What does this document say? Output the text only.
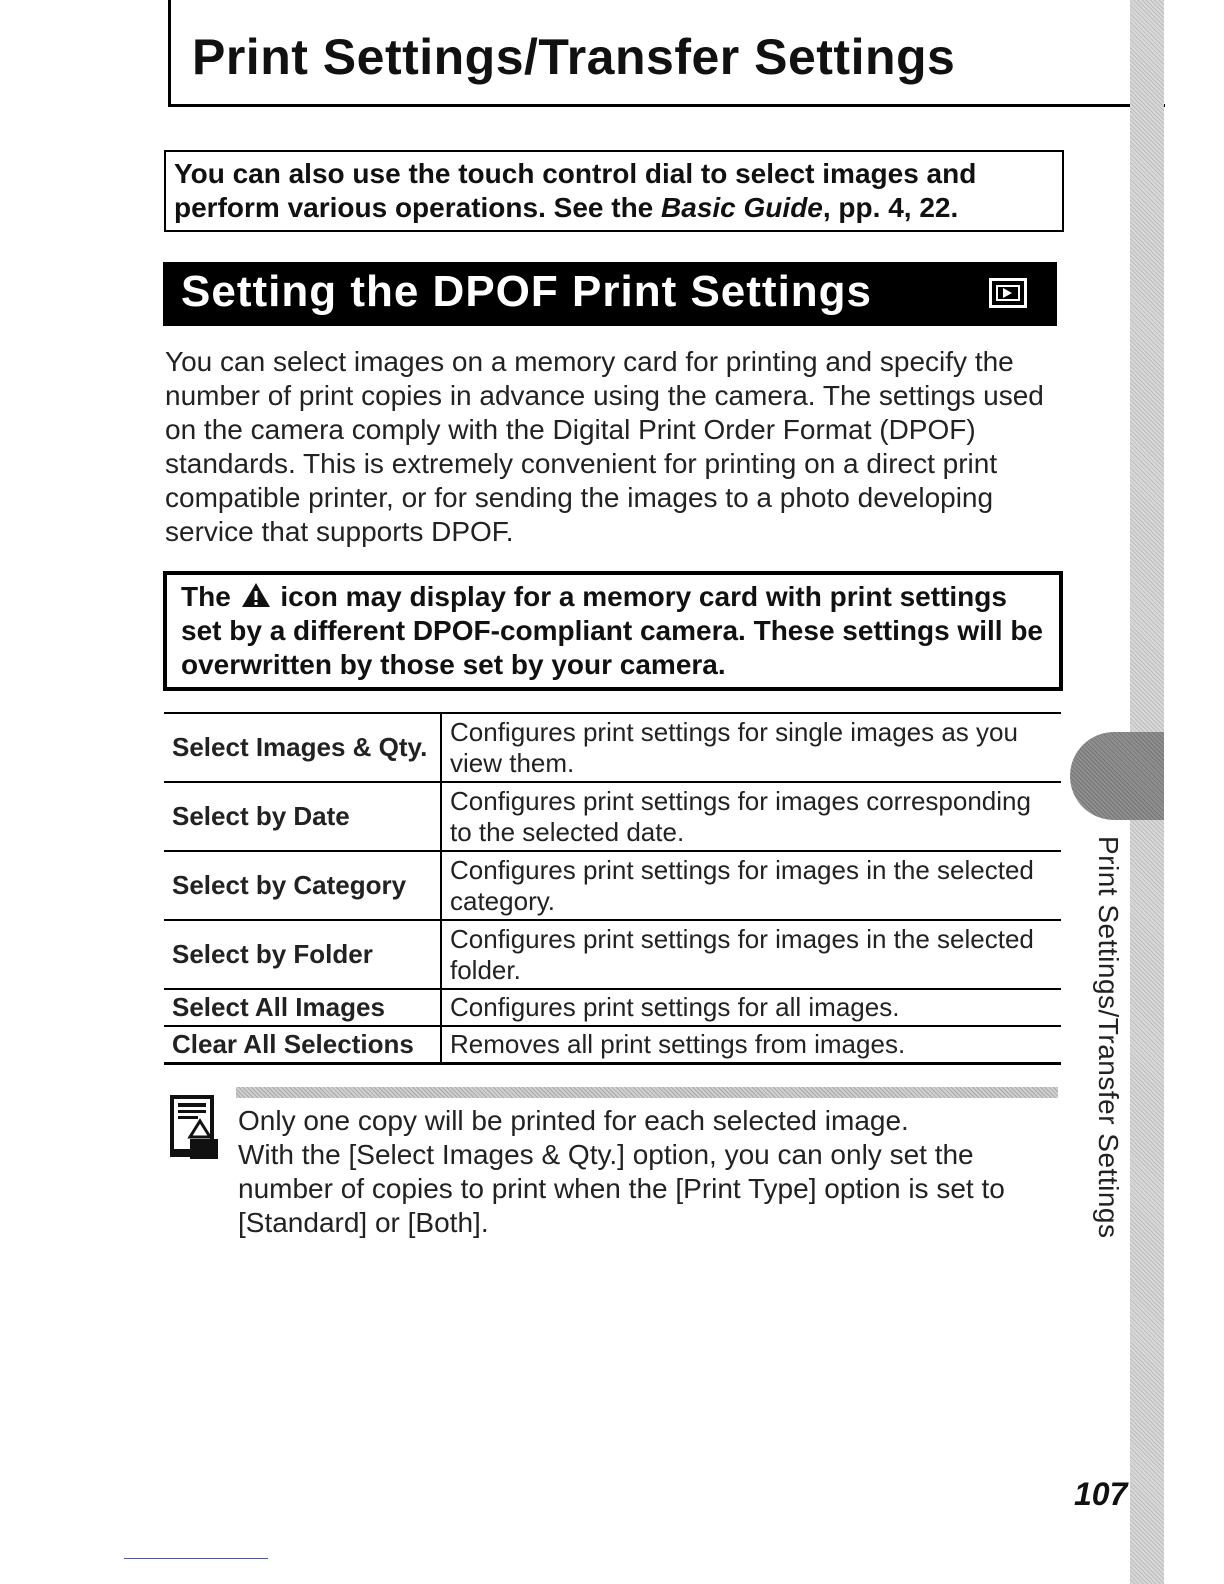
Print Settings/Transfer Settings
Print Settings/Transfer Settings
You can also use the touch control dial to select images and perform various operations. See the Basic Guide, pp. 4, 22.
Setting the DPOF Print Settings

You can select images on a memory card for printing and specify the number of print copies in advance using the camera. The settings used on the camera comply with the Digital Print Order Format (DPOF) standards. This is extremely convenient for printing on a direct print compatible printer, or for sending the images to a photo developing service that supports DPOF.

The icon may display for a memory card with print settings set by a different DPOF-compliant camera. These settings will be overwritten by those set by your camera.
Select Images & Qty.	Configures print settings for single images as you view them.
Select by Date	Configures print settings for images corresponding to the selected date.
Select by Category	Configures print settings for images in the selected category.
Select by Folder	Configures print settings for images in the selected folder.
Select All Images	Configures print settings for all images.
Clear All Selections	Removes all print settings from images.

Only one copy will be printed for each selected image.

With the [Select Images & Qty.] option, you can only set the number of copies to print when the [Print Type] option is set to [Standard] or [Both].

107
